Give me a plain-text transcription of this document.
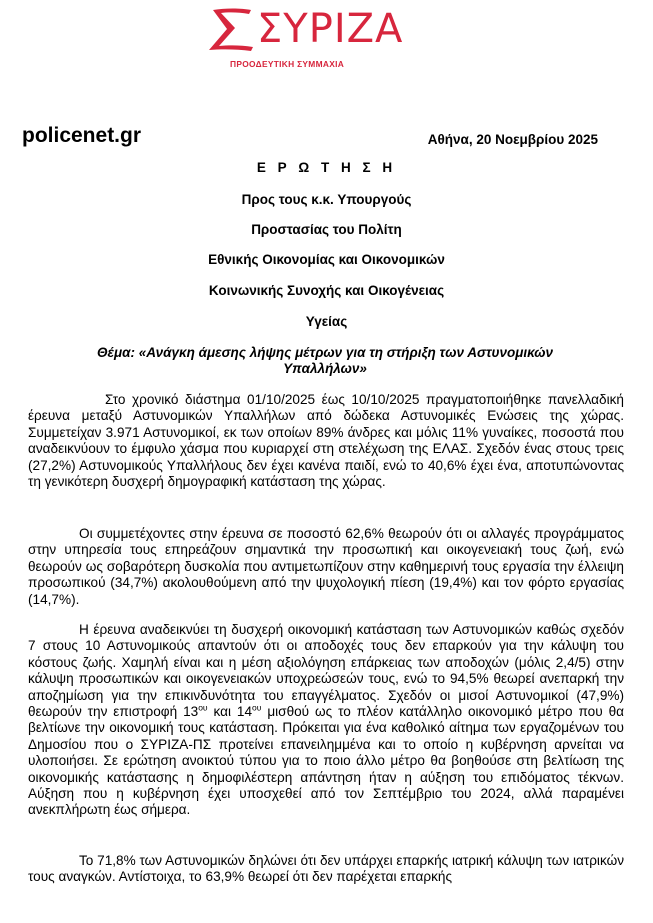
ΣΥΡΙΖΑ
ΠΡΟΟΔΕΥΤΙΚΗ ΣΥΜΜΑΧΙΑ
policenet.gr	Αθήνα, 20 Νοεμβρίου 2025
Ε Ρ Ω Τ Η Σ Η
Προς τους κ.κ. Υπουργούς
Προστασίας του Πολίτη
Εθνικής Οικονομίας και Οικονομικών
Κοινωνικής Συνοχής και Οικογένειας
Υγείας
Θέμα: «Ανάγκη άμεσης λήψης μέτρων για τη στήριξη των Αστυνομικών Υπαλλήλων»

Στο χρονικό διάστημα 01/10/2025 έως 10/10/2025 πραγματοποιήθηκε πανελλαδική έρευνα μεταξύ Αστυνομικών Υπαλλήλων από δώδεκα Αστυνομικές Ενώσεις της χώρας. Συμμετείχαν 3.971 Αστυνομικοί, εκ των οποίων 89% άνδρες και μόλις 11% γυναίκες, ποσοστά που αναδεικνύουν το έμφυλο χάσμα που κυριαρχεί στη στελέχωση της ΕΛΑΣ. Σχεδόν ένας στους τρεις (27,2%) Αστυνομικούς Υπαλλήλους δεν έχει κανένα παιδί, ενώ το 40,6% έχει ένα, αποτυπώνοντας τη γενικότερη δυσχερή δημογραφική κατάσταση της χώρας.

Οι συμμετέχοντες στην έρευνα σε ποσοστό 62,6% θεωρούν ότι οι αλλαγές προγράμματος στην υπηρεσία τους επηρεάζουν σημαντικά την προσωπική και οικογενειακή τους ζωή, ενώ θεωρούν ως σοβαρότερη δυσκολία που αντιμετωπίζουν στην καθημερινή τους εργασία την έλλειψη προσωπικού (34,7%) ακολουθούμενη από την ψυχολογική πίεση (19,4%) και τον φόρτο εργασίας (14,7%).

Η έρευνα αναδεικνύει τη δυσχερή οικονομική κατάσταση των Αστυνομικών καθώς σχεδόν 7 στους 10 Αστυνομικούς απαντούν ότι οι αποδοχές τους δεν επαρκούν για την κάλυψη του κόστους ζωής. Χαμηλή είναι και η μέση αξιολόγηση επάρκειας των αποδοχών (μόλις 2,4/5) στην κάλυψη προσωπικών και οικογενειακών υποχρεώσεών τους, ενώ το 94,5% θεωρεί ανεπαρκή την αποζημίωση για την επικινδυνότητα του επαγγέλματος. Σχεδόν οι μισοί Αστυνομικοί (47,9%) θεωρούν την επιστροφή $13^{o\upsilon}$ και $14^{o\upsilon}$ μισθού ως το πλέον κατάλληλο οικονομικό μέτρο που θα βελτίωνε την οικονομική τους κατάσταση. Πρόκειται για ένα καθολικό αίτημα των εργαζομένων του Δημοσίου που ο ΣΥΡΙΖΑ-ΠΣ προτείνει επανειλημμένα και το οποίο η κυβέρνηση αρνείται να υλοποιήσει. Σε ερώτηση ανοικτού τύπου για το ποιο άλλο μέτρο θα βοηθούσε στη βελτίωση της οικονομικής κατάστασης η δημοφιλέστερη απάντηση ήταν η αύξηση του επιδόματος τέκνων. Αύξηση που η κυβέρνηση έχει υποσχεθεί από τον Σεπτέμβριο του 2024, αλλά παραμένει ανεκπλήρωτη έως σήμερα.

Το 71,8% των Αστυνομικών δηλώνει ότι δεν υπάρχει επαρκής ιατρική κάλυψη των ιατρικών τους αναγκών. Αντίστοιχα, το 63,9% θεωρεί ότι δεν παρέχεται επαρκής
